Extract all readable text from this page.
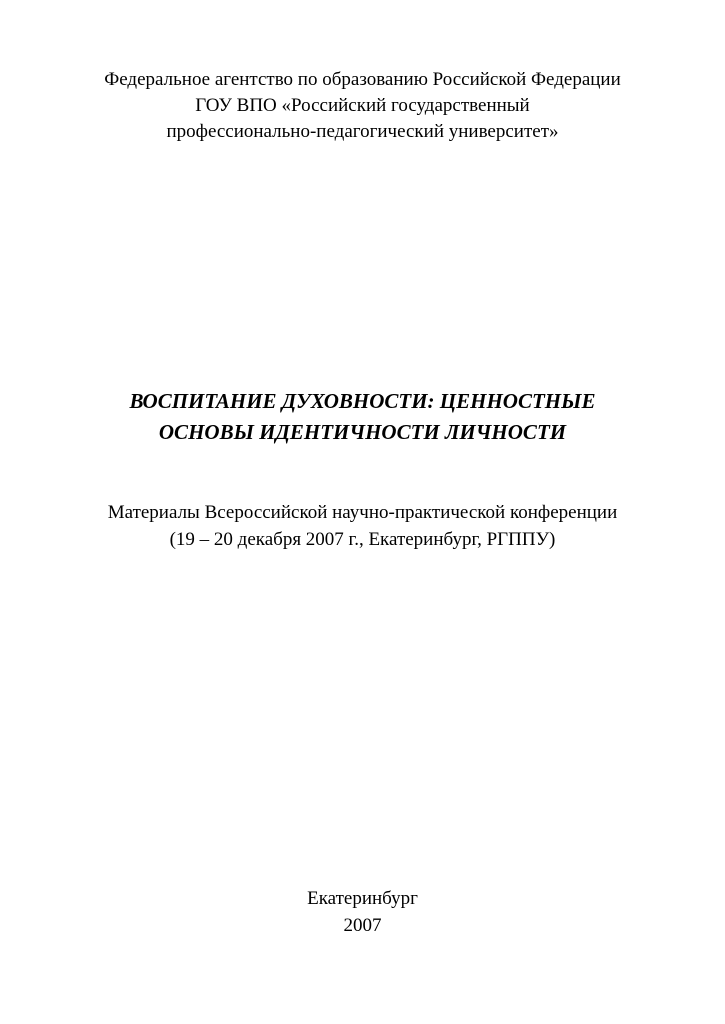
Федеральное агентство по образованию Российской Федерации
ГОУ ВПО «Российский государственный
профессионально-педагогический университет»
ВОСПИТАНИЕ ДУХОВНОСТИ: ЦЕННОСТНЫЕ
ОСНОВЫ ИДЕНТИЧНОСТИ ЛИЧНОСТИ
Материалы Всероссийской научно-практической конференции
(19 – 20 декабря 2007 г., Екатеринбург, РГППУ)
Екатеринбург
2007
